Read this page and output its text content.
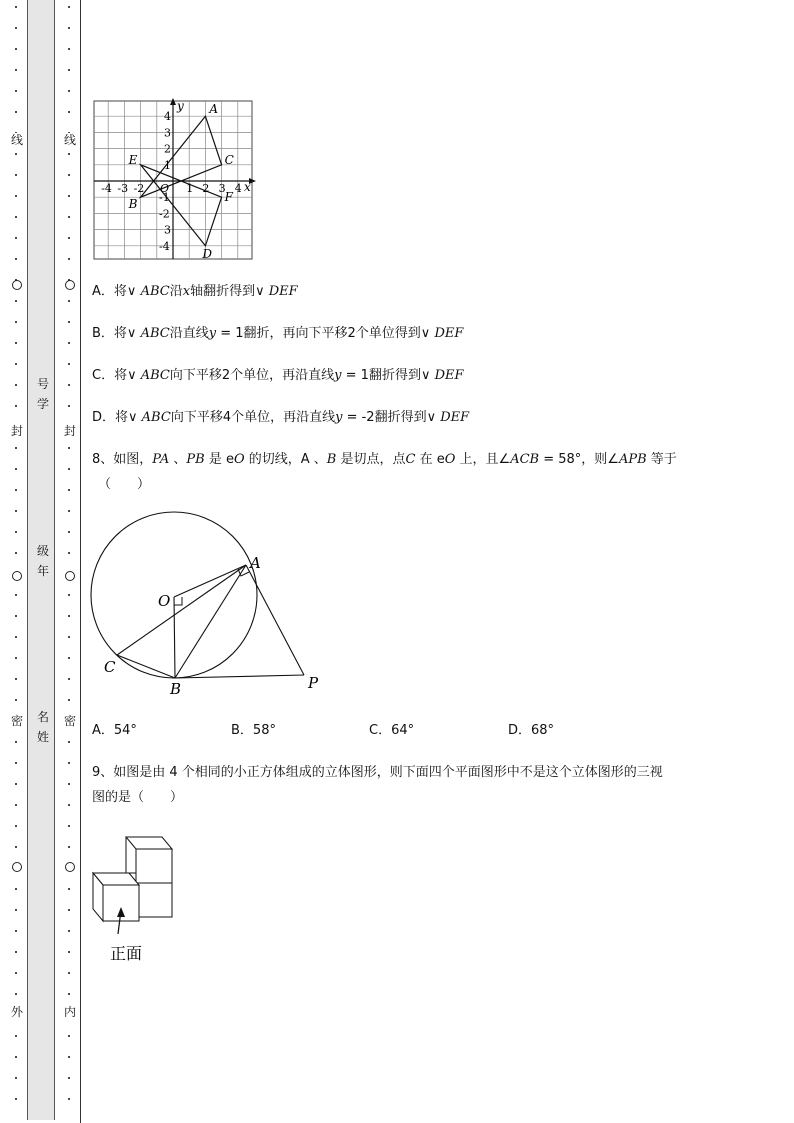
线
封
密
外
线
封
密
内
号
学
级
年
名
姓
-4 -3 -2 O 1 2 3 4
4
3
2
1
-1
-2
3
-4
x
y A
B
C
D
E
F
A．将∨ ABC沿x轴翻折得到∨ DEF
B．将∨ ABC沿直线y = 1翻折，再向下平移2个单位得到∨ DEF
C．将∨ ABC向下平移2个单位，再沿直线y = 1翻折得到∨ DEF
D．将∨ ABC向下平移4个单位，再沿直线y = -2翻折得到∨ DEF
8、如图，PA 、PB 是 eO 的切线，A 、B 是切点，点C 在 eO 上，且∠ACB = 58°，则∠APB 等于
（　　）
A．54°	B．58°	C．64°	D．68°
9、如图是由 4 个相同的小正方体组成的立体图形，则下面四个平面图形中不是这个立体图形的三视
图的是（　　）
A
O
C
B	P
正面
